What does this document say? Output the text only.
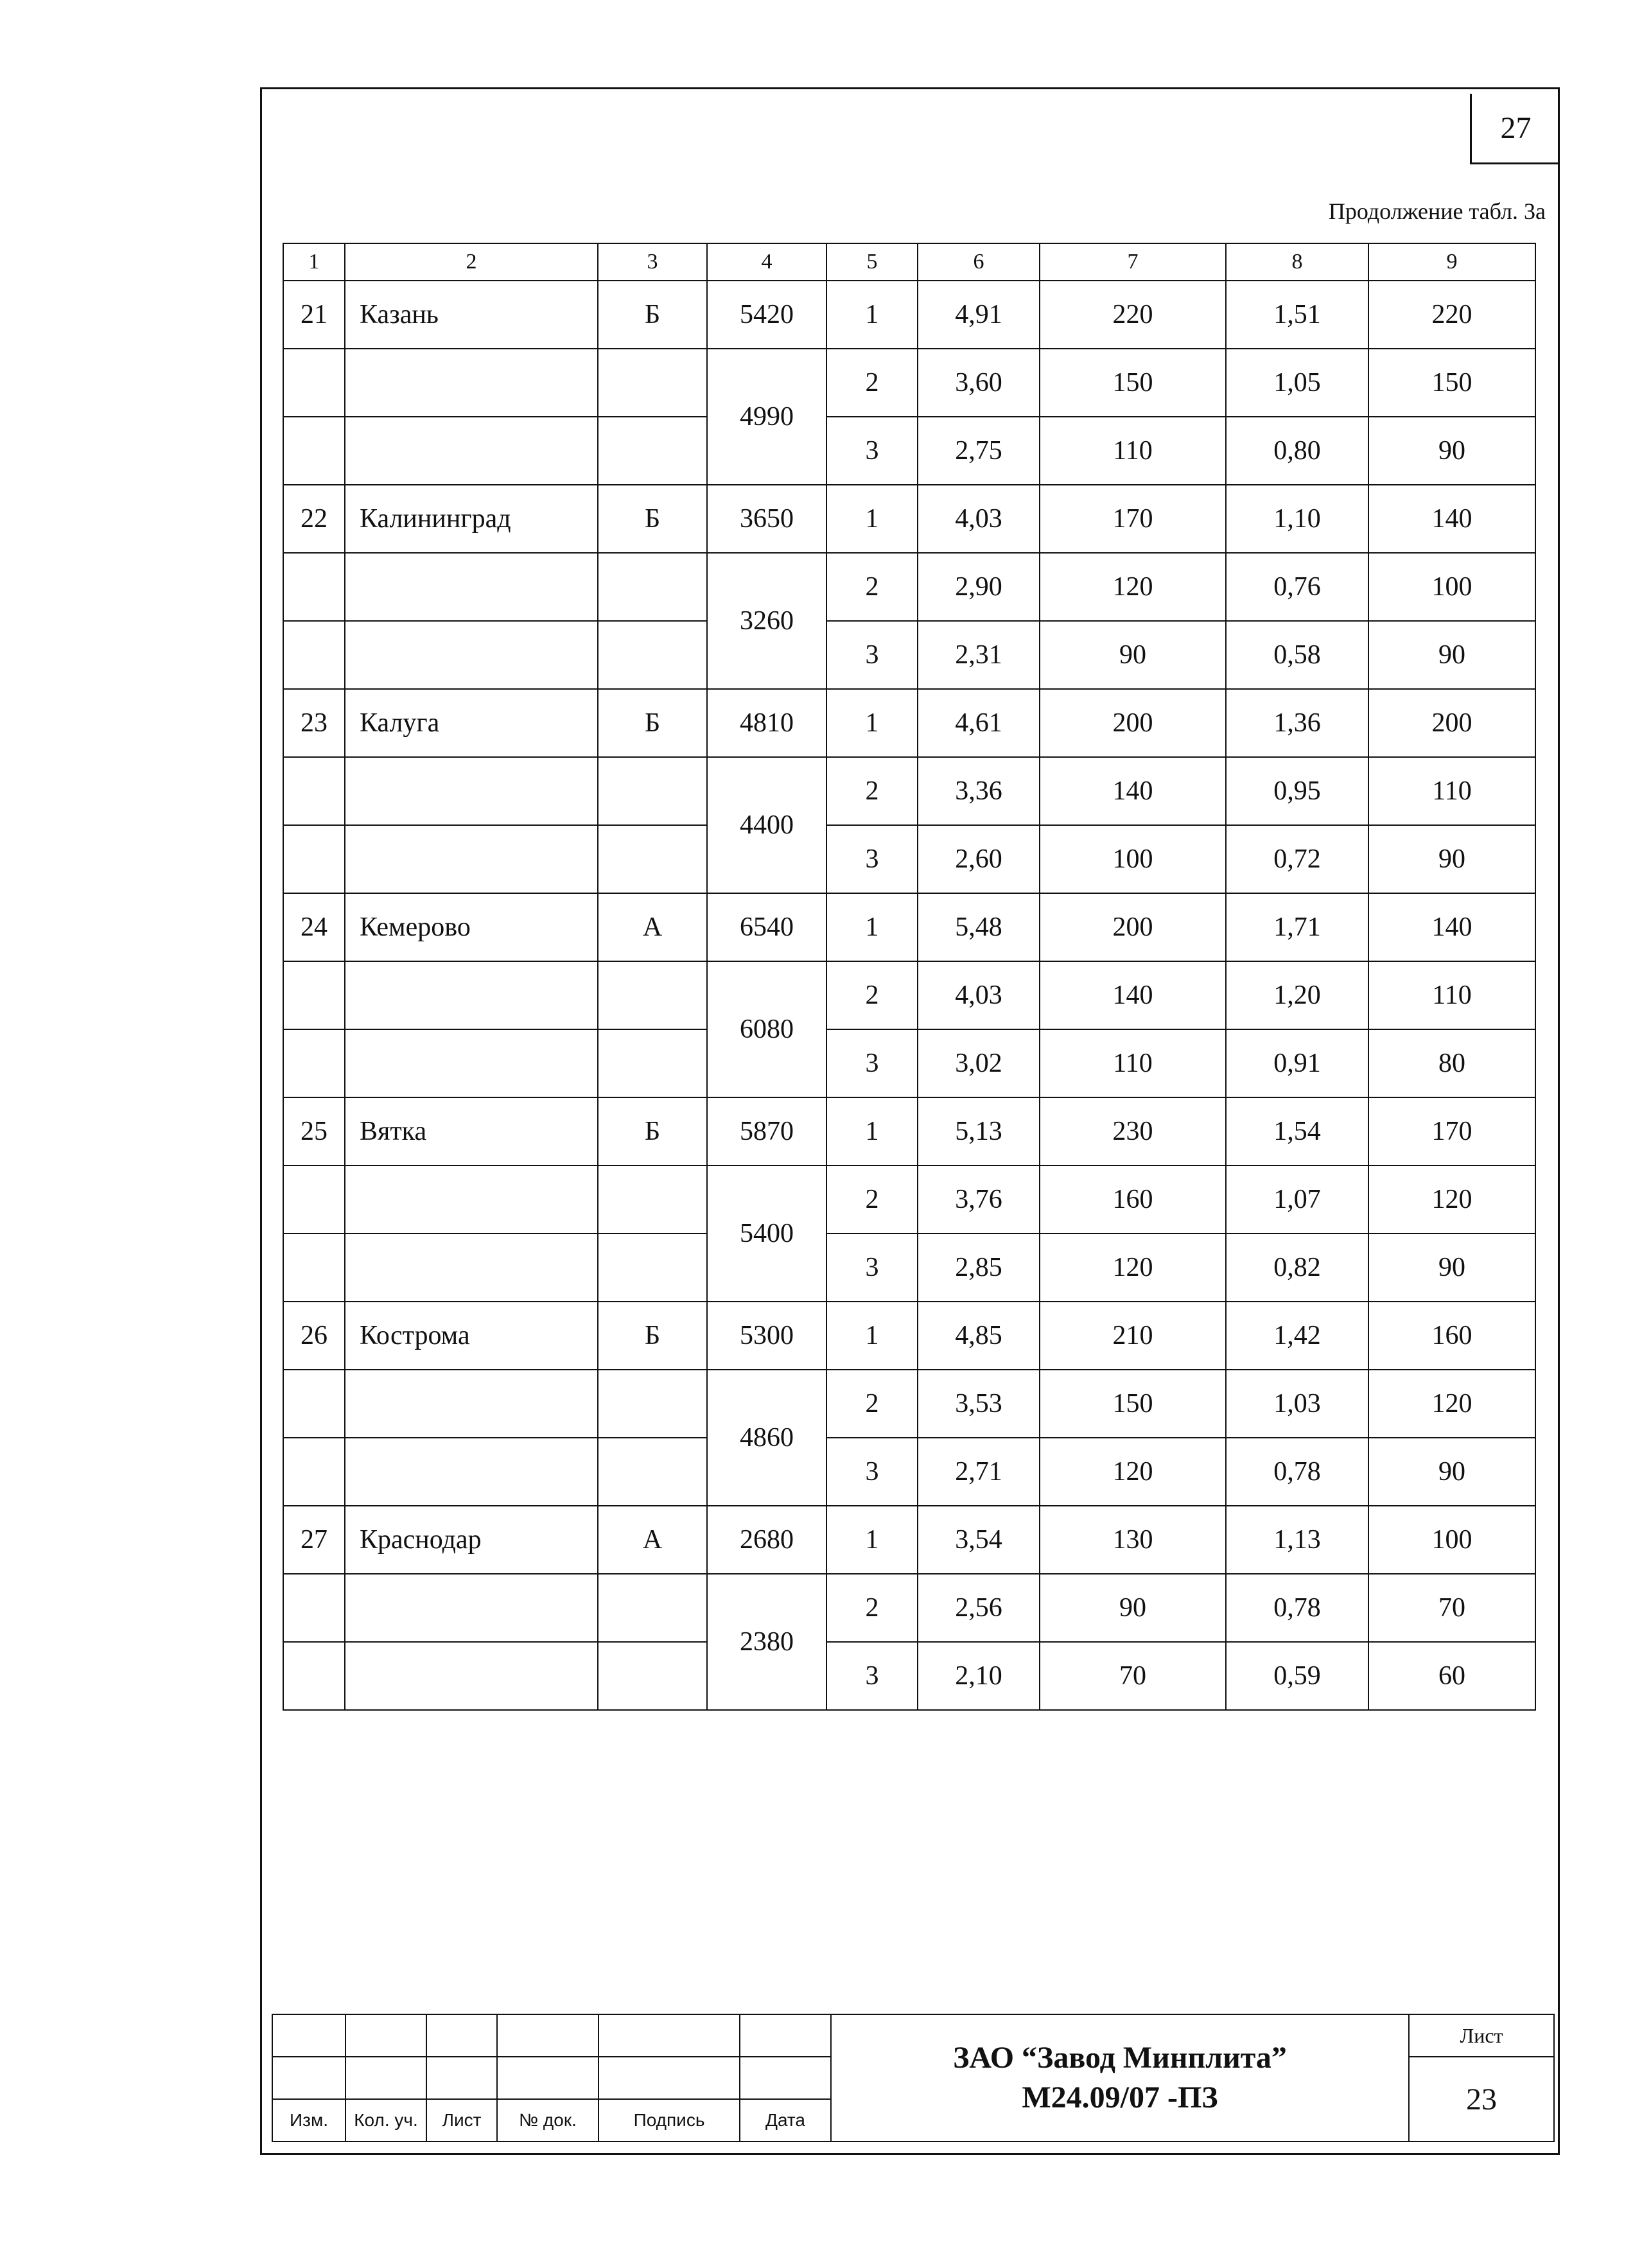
27
Продолжение табл. 3а
1	2	3	4	5	6	7	8	9
21	Казань	Б	5420	1	4,91	220	1,51	220
			4990	2	3,60	150	1,05	150
				3	2,75	110	0,80	90
22	Калининград	Б	3650	1	4,03	170	1,10	140
			3260	2	2,90	120	0,76	100
				3	2,31	90	0,58	90
23	Калуга	Б	4810	1	4,61	200	1,36	200
			4400	2	3,36	140	0,95	110
				3	2,60	100	0,72	90
24	Кемерово	А	6540	1	5,48	200	1,71	140
			6080	2	4,03	140	1,20	110
				3	3,02	110	0,91	80
25	Вятка	Б	5870	1	5,13	230	1,54	170
			5400	2	3,76	160	1,07	120
				3	2,85	120	0,82	90
26	Кострома	Б	5300	1	4,85	210	1,42	160
			4860	2	3,53	150	1,03	120
				3	2,71	120	0,78	90
27	Краснодар	А	2680	1	3,54	130	1,13	100
			2380	2	2,56	90	0,78	70
				3	2,10	70	0,59	60

						ЗАО “Завод Минплита”
М24.09/07 -ПЗ	Лист
							23
Изм.	Кол. уч.	Лист	№ док.	Подпись	Дата		
